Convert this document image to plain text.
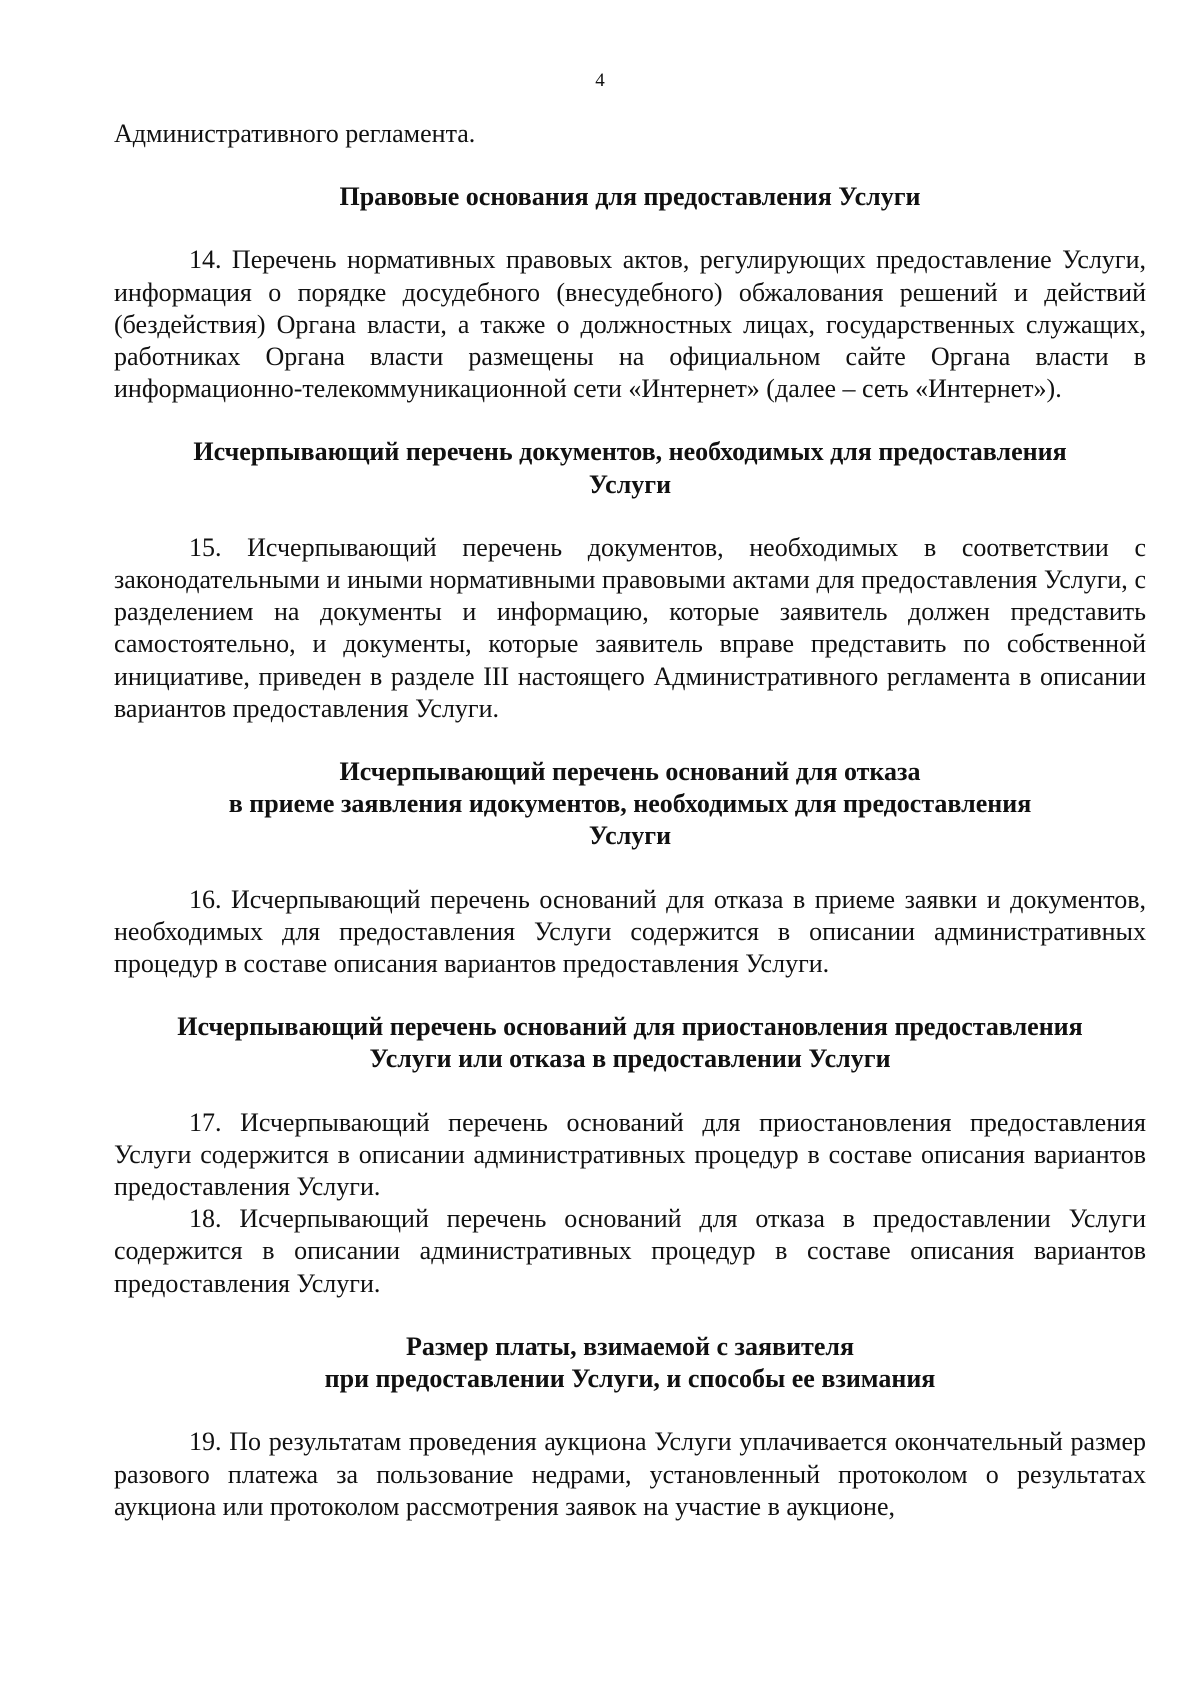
4

Административного регламента.

Правовые основания для предоставления Услуги

14. Перечень нормативных правовых актов, регулирующих предоставление Услуги, информация о порядке досудебного (внесудебного) обжалования решений и действий (бездействия) Органа власти, а также о должностных лицах, государственных служащих, работниках Органа власти размещены на официальном сайте Органа власти в информационно-телекоммуникационной сети «Интернет» (далее – сеть «Интернет»).

Исчерпывающий перечень документов, необходимых для предоставления

Услуги

15. Исчерпывающий перечень документов, необходимых в соответствии с законодательными и иными нормативными правовыми актами для предоставления Услуги, с разделением на документы и информацию, которые заявитель должен представить самостоятельно, и документы, которые заявитель вправе представить по собственной инициативе, приведен в разделе III настоящего Административного регламента в описании вариантов предоставления Услуги.

Исчерпывающий перечень оснований для отказа

в приеме заявления идокументов, необходимых для предоставления

Услуги

16. Исчерпывающий перечень оснований для отказа в приеме заявки и документов, необходимых для предоставления Услуги содержится в описании административных процедур в составе описания вариантов предоставления Услуги.

Исчерпывающий перечень оснований для приостановления предоставления

Услуги или отказа в предоставлении Услуги

17. Исчерпывающий перечень оснований для приостановления предоставления Услуги содержится в описании административных процедур в составе описания вариантов предоставления Услуги.

18. Исчерпывающий перечень оснований для отказа в предоставлении Услуги содержится в описании административных процедур в составе описания вариантов предоставления Услуги.

Размер платы, взимаемой с заявителя

при предоставлении Услуги, и способы ее взимания

19. По результатам проведения аукциона Услуги уплачивается окончательный размер разового платежа за пользование недрами, установленный протоколом о результатах аукциона или протоколом рассмотрения заявок на участие в аукционе,
